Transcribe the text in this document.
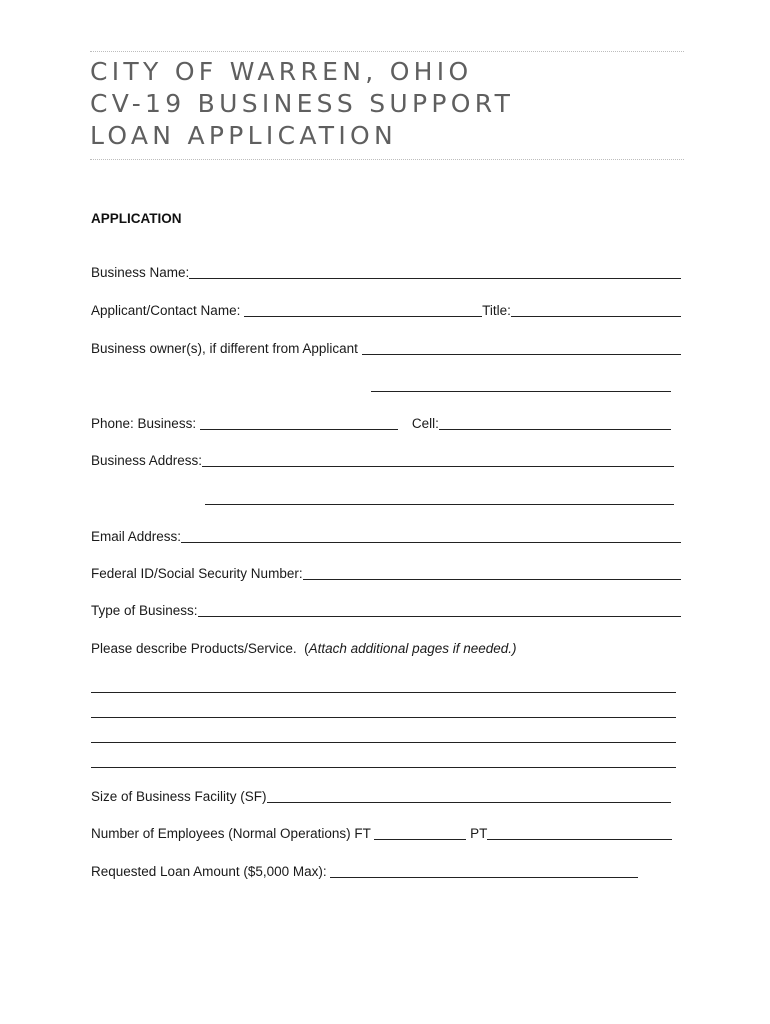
CITY OF WARREN, OHIO
CV-19 BUSINESS SUPPORT
LOAN APPLICATION
APPLICATION
Business Name:
Applicant/Contact Name:	Title:
Business owner(s), if different from Applicant
Phone: Business:	Cell:
Business Address:
Email Address:
Federal ID/Social Security Number:
Type of Business:
Please describe Products/Service.  ( Attach additional pages if needed.)
Size of Business Facility (SF)
Number of Employees (Normal Operations) FT	PT
Requested Loan Amount ($5,000 Max):
